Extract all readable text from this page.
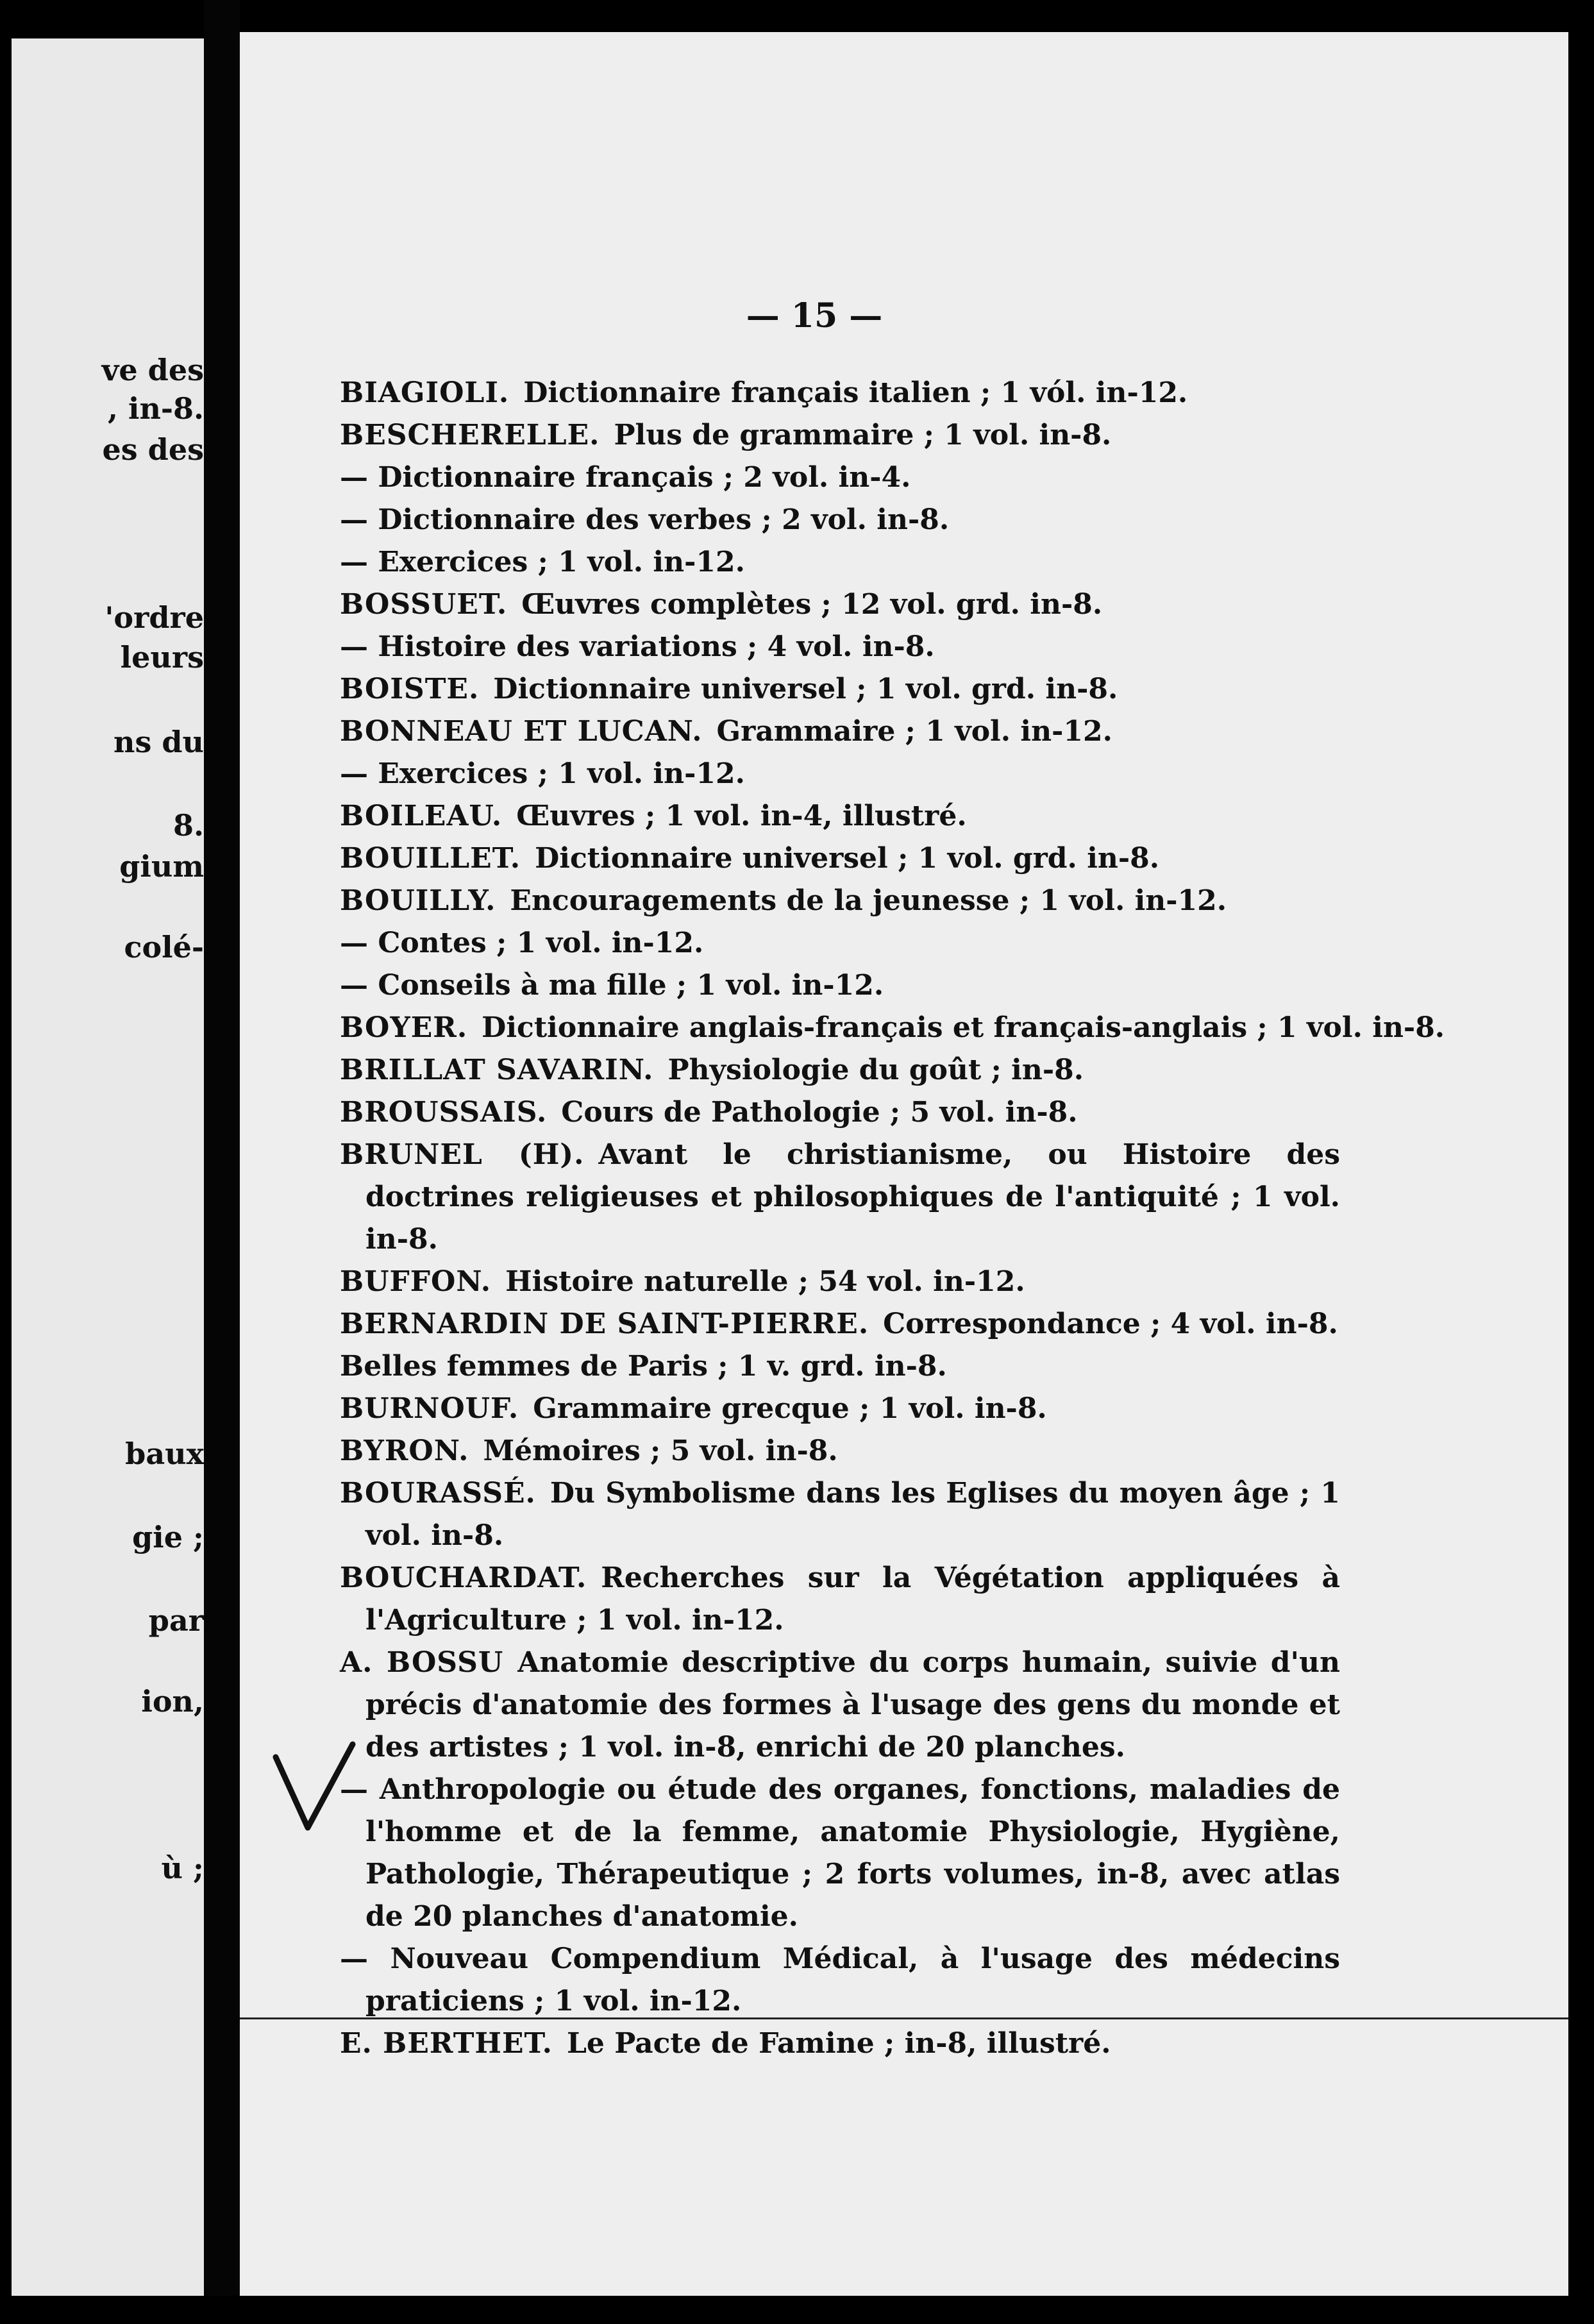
ve des
, in-8.
es des
'ordre
leurs
ns du
8.
gium
colé-
baux
gie ;
par
ion,
ù ;
— 15 —

BIAGIOLI. Dictionnaire français italien ; 1 vól. in-12.

BESCHERELLE. Plus de grammaire ; 1 vol. in-8.

— Dictionnaire français ; 2 vol. in-4.

— Dictionnaire des verbes ; 2 vol. in-8.

— Exercices ; 1 vol. in-12.

BOSSUET. Œuvres complètes ; 12 vol. grd. in-8.

— Histoire des variations ; 4 vol. in-8.

BOISTE. Dictionnaire universel ; 1 vol. grd. in-8.

BONNEAU ET LUCAN. Grammaire ; 1 vol. in-12.

— Exercices ; 1 vol. in-12.

BOILEAU. Œuvres ; 1 vol. in-4, illustré.

BOUILLET. Dictionnaire universel ; 1 vol. grd. in-8.

BOUILLY. Encouragements de la jeunesse ; 1 vol. in-12.

— Contes ; 1 vol. in-12.

— Conseils à ma fille ; 1 vol. in-12.

BOYER. Dictionnaire anglais-français et français-anglais ; 1 vol. in-8.

BRILLAT SAVARIN. Physiologie du goût ; in-8.

BROUSSAIS. Cours de Pathologie ; 5 vol. in-8.

BRUNEL (H). Avant le christianisme, ou Histoire des doctrines religieuses et philosophiques de l'antiquité ; 1 vol. in-8.

BUFFON. Histoire naturelle ; 54 vol. in-12.

BERNARDIN DE SAINT-PIERRE. Correspondance ; 4 vol. in-8.

Belles femmes de Paris ; 1 v. grd. in-8.

BURNOUF. Grammaire grecque ; 1 vol. in-8.

BYRON. Mémoires ; 5 vol. in-8.

BOURASSÉ. Du Symbolisme dans les Eglises du moyen âge ; 1 vol. in-8.

BOUCHARDAT. Recherches sur la Végétation appliquées à l'Agriculture ; 1 vol. in-12.

A. BOSSU Anatomie descriptive du corps humain, suivie d'un précis d'anatomie des formes à l'usage des gens du monde et des artistes ; 1 vol. in-8, enrichi de 20 planches.

— Anthropologie ou étude des organes, fonctions, maladies de l'homme et de la femme, anatomie Physiologie, Hygiène, Pathologie, Thérapeutique ; 2 forts volumes, in-8, avec atlas de 20 planches d'anatomie.

— Nouveau Compendium Médical, à l'usage des médecins praticiens ; 1 vol. in-12.

E. BERTHET. Le Pacte de Famine ; in-8, illustré.
